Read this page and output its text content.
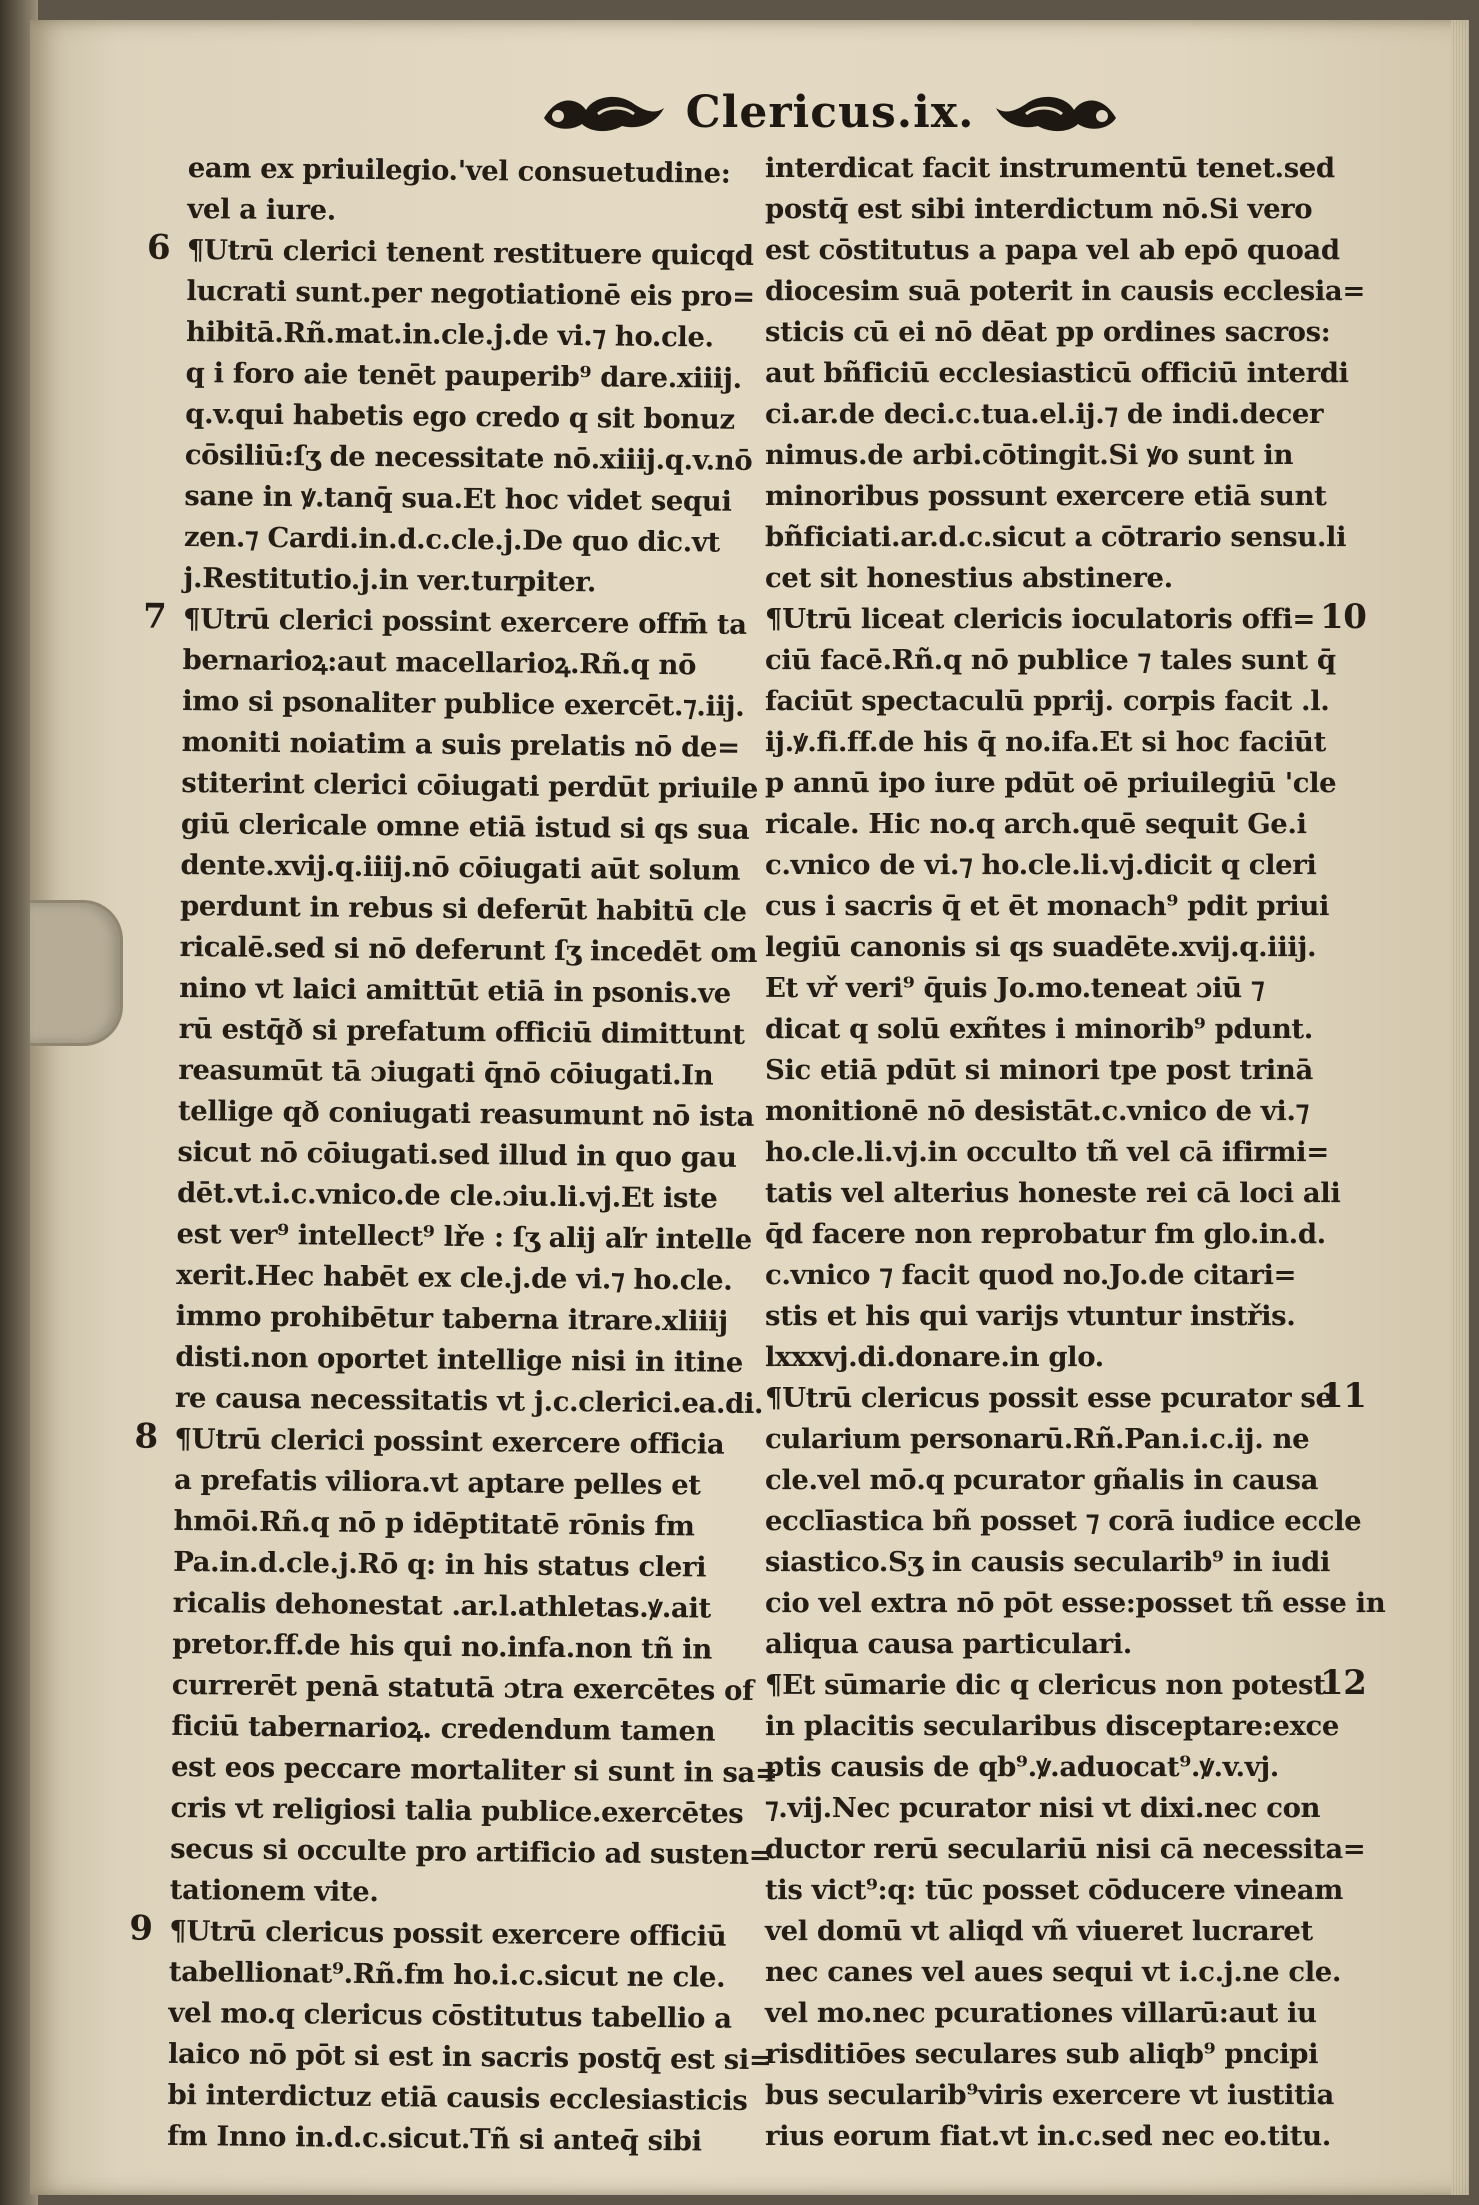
Clericus.ix.
eam ex priuilegio.'vel consuetudine:
vel a iure.
¶Utrū clerici tenent restituere quicqd
lucrati sunt.per negotiationē eis pro=
hibitā.Rñ.mat.in.cle.j.de vi.⁊ ho.cle.
q i foro aie tenēt pauperib⁹ dare.xiiij.
q.v.qui habetis ego credo q sit bonuz
cōsiliū:ſʒ de necessitate nō.xiiij.q.v.nō
sane in ꝟ.tanq̄ sua.Et hoc videt sequi
zen.⁊ Cardi.in.d.c.cle.j.De quo dic.vt
j.Restitutio.j.in ver.turpiter.
¶Utrū clerici possint exercere offm̄ ta
bernarioꝝ:aut macellarioꝝ.Rñ.q nō
imo si psonaliter publice exercēt.⁊.iij.
moniti noiatim a suis prelatis nō de=
stiterint clerici cōiugati perdūt priuile
giū clericale omne etiā istud si qs sua
dente.xvij.q.iiij.nō cōiugati aūt solum
perdunt in rebus si deferūt habitū cle
ricalē.sed si nō deferunt ſʒ incedēt om
nino vt laici amittūt etiā in psonis.ve
rū estq̄ð si prefatum officiū dimittunt
reasumūt tā ɔiugati q̄nō cōiugati.In
tellige qð coniugati reasumunt nō ista
sicut nō cōiugati.sed illud in quo gau
dēt.vt.i.c.vnico.de cle.ɔiu.li.vj.Et iste
est ver⁹ intellect⁹ lře : ſʒ alij aľr intelle
xerit.Hec habēt ex cle.j.de vi.⁊ ho.cle.
immo prohibētur taberna itrare.xliiij
disti.non oportet intellige nisi in itine
re causa necessitatis vt j.c.clerici.ea.di.
¶Utrū clerici possint exercere officia
a prefatis viliora.vt aptare pelles et
hmōi.Rñ.q nō p idēptitatē rōnis fm
Pa.in.d.cle.j.Rō q: in his status cleri
ricalis dehonestat .ar.l.athletas.ꝟ.ait
pretor.ff.de his qui no.infa.non tñ in
currerēt penā statutā ɔtra exercētes of
ficiū tabernarioꝝ. credendum tamen
est eos peccare mortaliter si sunt in sa=
cris vt religiosi talia publice.exercētes
secus si occulte pro artificio ad susten=
tationem vite.
¶Utrū clericus possit exercere officiū
tabellionat⁹.Rñ.fm ho.i.c.sicut ne cle.
vel mo.q clericus cōstitutus tabellio a
laico nō pōt si est in sacris postq̄ est si=
bi interdictuz etiā causis ecclesiasticis
fm Inno in.d.c.sicut.Tñ si anteq̄ sibi
6
7
8
9
interdicat facit instrumentū tenet.sed
postq̄ est sibi interdictum nō.Si vero
est cōstitutus a papa vel ab epō quoad
diocesim suā poterit in causis ecclesia=
sticis cū ei nō dēat pp ordines sacros:
aut bñficiū ecclesiasticū officiū interdi
ci.ar.de deci.c.tua.el.ij.⁊ de indi.decer
nimus.de arbi.cōtingit.Si ꝟo sunt in
minoribus possunt exercere etiā sunt
bñficiati.ar.d.c.sicut a cōtrario sensu.li
cet sit honestius abstinere.
¶Utrū liceat clericis ioculatoris offi=
ciū facē.Rñ.q nō publice ⁊ tales sunt q̄
faciūt spectaculū pprij. corpis facit .l.
ij.ꝟ.fi.ff.de his q̄ no.ifa.Et si hoc faciūt
p annū ipo iure pdūt oē priuilegiū 'cle
ricale. Hic no.q arch.quē sequit Ge.i
c.vnico de vi.⁊ ho.cle.li.vj.dicit q cleri
cus i sacris q̄ et ēt monach⁹ pdit priui
legiū canonis si qs suadēte.xvij.q.iiij.
Et vř veri⁹ q̄uis Jo.mo.teneat ɔiū ⁊
dicat q solū exñtes i minorib⁹ pdunt.
Sic etiā pdūt si minori tpe post trinā
monitionē nō desistāt.c.vnico de vi.⁊
ho.cle.li.vj.in occulto tñ vel cā ifirmi=
tatis vel alterius honeste rei cā loci ali
q̄d facere non reprobatur fm glo.in.d.
c.vnico ⁊ facit quod no.Jo.de citari=
stis et his qui varijs vtuntur instřis.
lxxxvj.di.donare.in glo.
¶Utrū clericus possit esse pcurator se
cularium personarū.Rñ.Pan.i.c.ij. ne
cle.vel mō.q pcurator gñalis in causa
ecclīastica bñ posset ⁊ corā iudice eccle
siastico.Sʒ in causis secularib⁹ in iudi
cio vel extra nō pōt esse:posset tñ esse in
aliqua causa particulari.
¶Et sūmarie dic q clericus non potest
in placitis secularibus disceptare:exce
ptis causis de qb⁹.ꝟ.aduocat⁹.ꝟ.v.vj.
⁊.vij.Nec pcurator nisi vt dixi.nec con
ductor rerū seculariū nisi cā necessita=
tis vict⁹:q: tūc posset cōducere vineam
vel domū vt aliqd vñ viueret lucraret
nec canes vel aues sequi vt i.c.j.ne cle.
vel mo.nec pcurationes villarū:aut iu
risditiōes seculares sub aliqb⁹ pncipi
bus secularib⁹viris exercere vt iustitia
rius eorum fiat.vt in.c.sed nec eo.titu.
10
11
12
